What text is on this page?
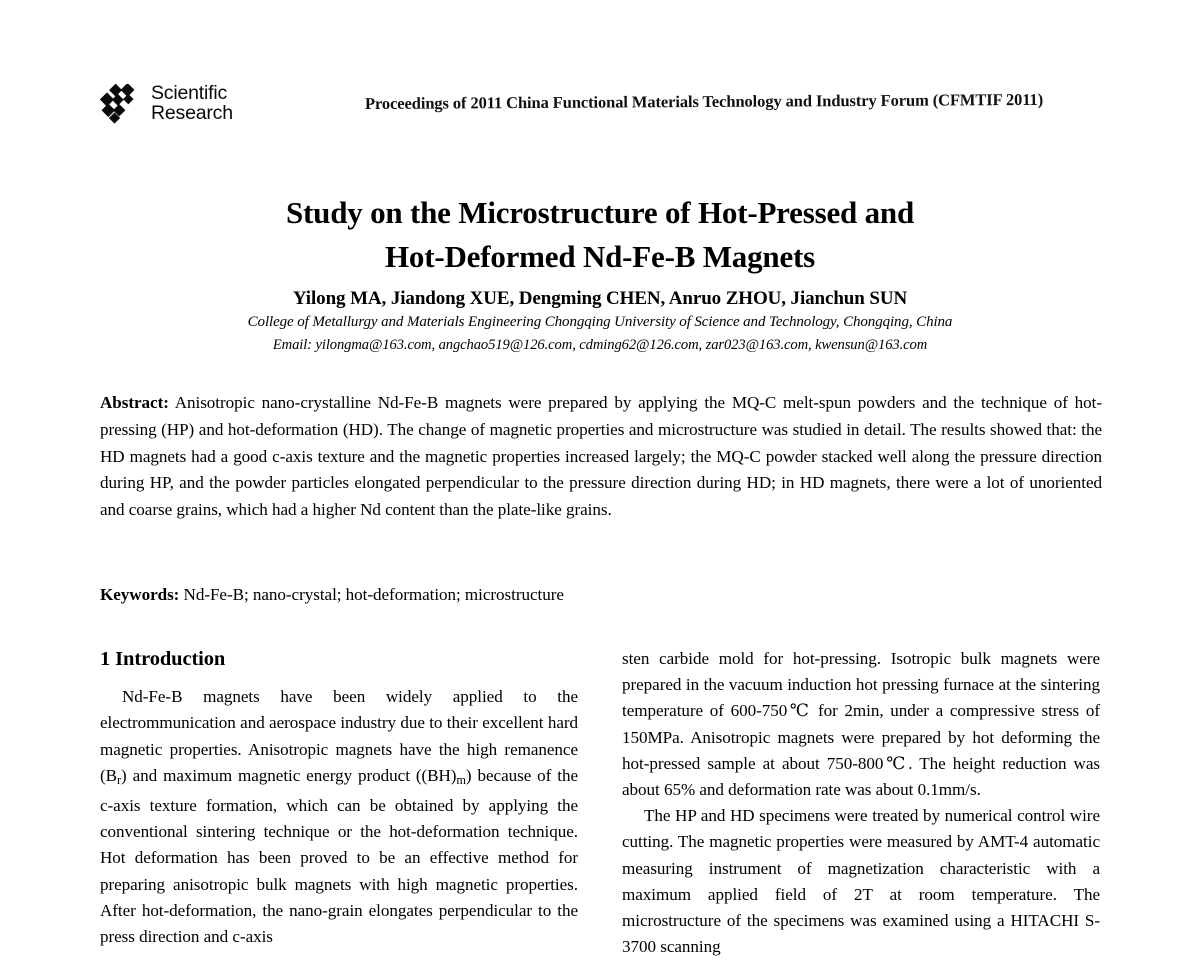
Scientific
Research
Proceedings of 2011 China Functional Materials Technology and Industry Forum (CFMTIF 2011)
Study on the Microstructure of Hot-Pressed and
Hot-Deformed Nd-Fe-B Magnets
Yilong MA, Jiandong XUE, Dengming CHEN, Anruo ZHOU, Jianchun SUN
College of Metallurgy and Materials Engineering Chongqing University of Science and Technology, Chongqing, China
Email: yilongma@163.com, angchao519@126.com, cdming62@126.com, zar023@163.com, kwensun@163.com
Abstract: Anisotropic nano-crystalline Nd-Fe-B magnets were prepared by applying the MQ-C melt-spun powders and the technique of hot-pressing (HP) and hot-deformation (HD). The change of magnetic properties and microstructure was studied in detail. The results showed that: the HD magnets had a good c-axis texture and the magnetic properties increased largely; the MQ-C powder stacked well along the pressure direction during HP, and the powder particles elongated perpendicular to the pressure direction during HD; in HD magnets, there were a lot of unoriented and coarse grains, which had a higher Nd content than the plate-like grains.
Keywords: Nd-Fe-B; nano-crystal; hot-deformation; microstructure
1 Introduction

Nd-Fe-B magnets have been widely applied to the electrommunication and aerospace industry due to their excellent hard magnetic properties. Anisotropic magnets have the high remanence $(B_r)$ and maximum magnetic energy product $((BH)_m)$ because of the c-axis texture formation, which can be obtained by applying the conventional sintering technique or the hot-deformation technique. Hot deformation has been proved to be an effective method for preparing anisotropic bulk magnets with high magnetic properties. After hot-deformation, the nano-grain elongates perpendicular to the press direction and c-axis

sten carbide mold for hot-pressing. Isotropic bulk magnets were prepared in the vacuum induction hot pressing furnace at the sintering temperature of 600-750℃ for 2min, under a compressive stress of 150MPa. Anisotropic magnets were prepared by hot deforming the hot-pressed sample at about 750-800℃. The height reduction was about 65% and deformation rate was about 0.1mm/s.

The HP and HD specimens were treated by numerical control wire cutting. The magnetic properties were measured by AMT-4 automatic measuring instrument of magnetization characteristic with a maximum applied field of 2T at room temperature. The microstructure of the specimens was examined using a HITACHI S-3700 scanning
